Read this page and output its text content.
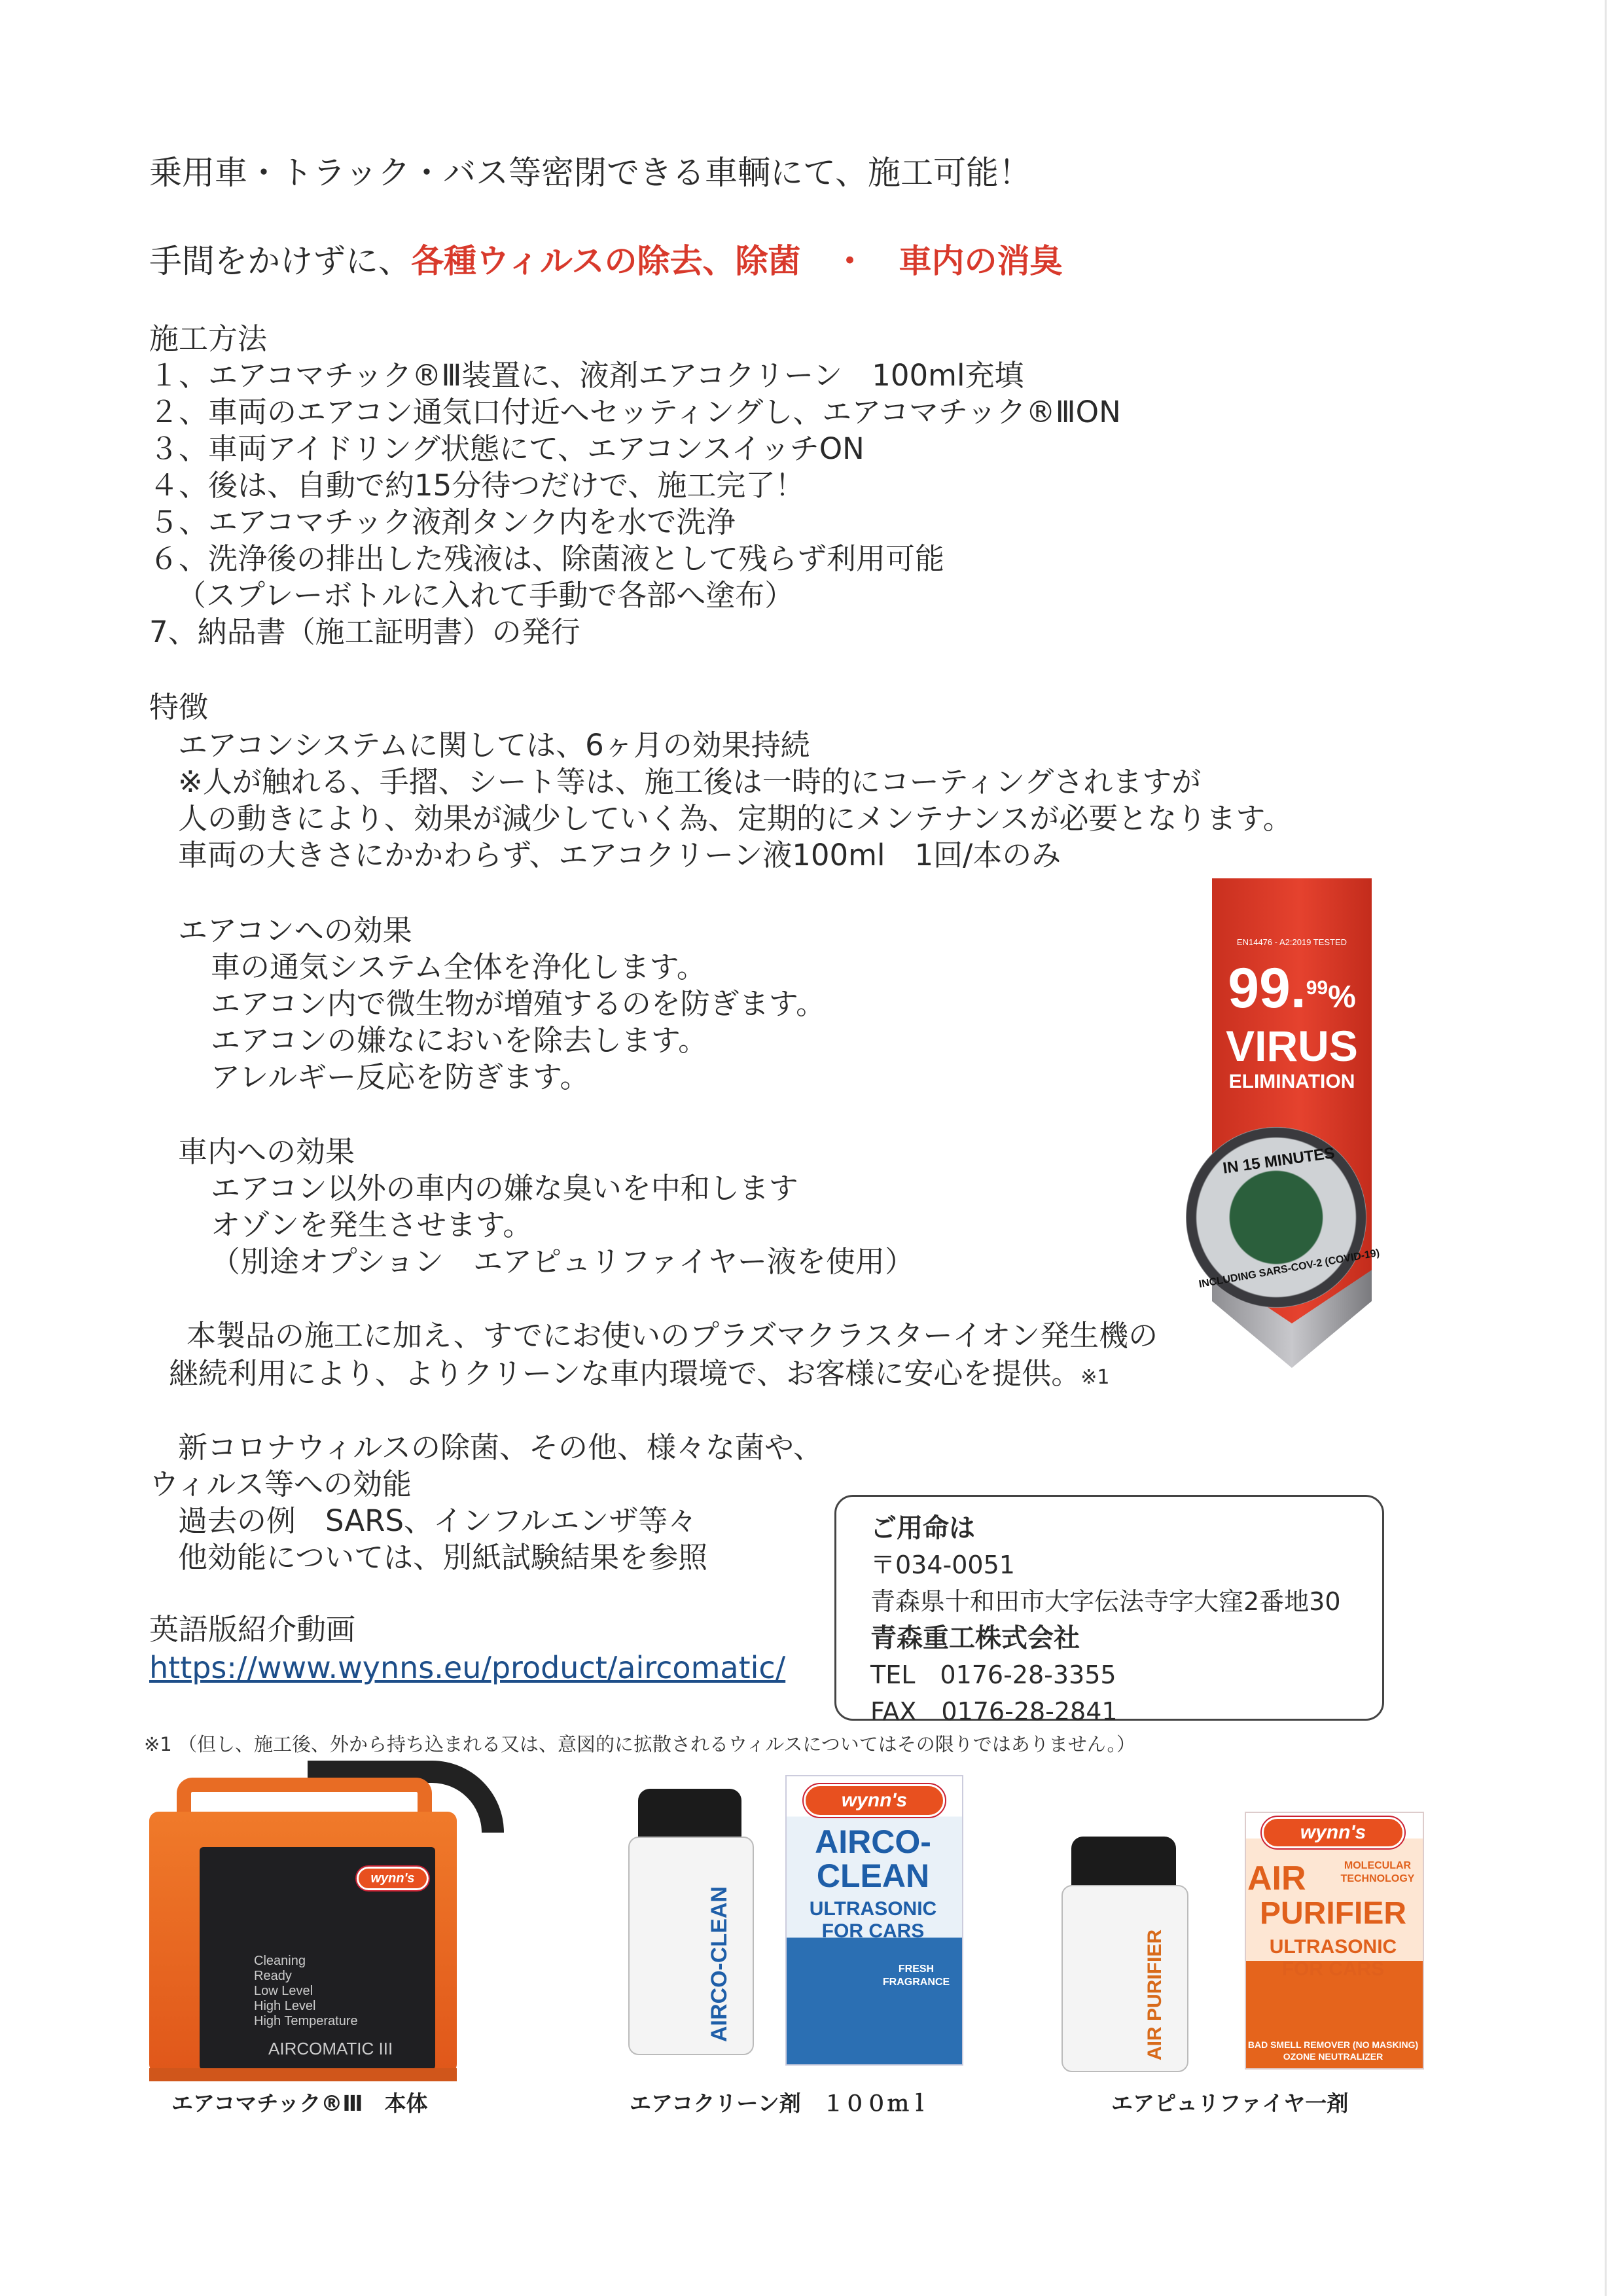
乗用車・トラック・バス等密閉できる車輌にて、施工可能！
手間をかけずに、各種ウィルスの除去、除菌　・　車内の消臭
施工方法
１、エアコマチック®Ⅲ装置に、液剤エアコクリーン　100ml充填
２、車両のエアコン通気口付近へセッティングし、エアコマチック®ⅢON
３、車両アイドリング状態にて、エアコンスイッチON
４、後は、自動で約15分待つだけで、施工完了！
５、エアコマチック液剤タンク内を水で洗浄
６、洗浄後の排出した残液は、除菌液として残らず利用可能
（スプレーボトルに入れて手動で各部へ塗布）
7、納品書（施工証明書）の発行
特徴
エアコンシステムに関しては、6ヶ月の効果持続
※人が触れる、手摺、シート等は、施工後は一時的にコーティングされますが
人の動きにより、効果が減少していく為、定期的にメンテナンスが必要となります。
車両の大きさにかかわらず、エアコクリーン液100ml　1回/本のみ
エアコンへの効果
車の通気システム全体を浄化します。
エアコン内で微生物が増殖するのを防ぎます。
エアコンの嫌なにおいを除去します。
アレルギー反応を防ぎます。
車内への効果
エアコン以外の車内の嫌な臭いを中和します
オゾンを発生させます。
（別途オプション　エアピュリファイヤー液を使用）
本製品の施工に加え、すでにお使いのプラズマクラスターイオン発生機の
継続利用により、よりクリーンな車内環境で、お客様に安心を提供。※1
新コロナウィルスの除菌、その他、様々な菌や、
ウィルス等への効能
過去の例　SARS、インフルエンザ等々
他効能については、別紙試験結果を参照
英語版紹介動画
https://www.wynns.eu/product/aircomatic/
ご用命は
〒034-0051
青森県十和田市大字伝法寺字大窪2番地30
青森重工株式会社
TEL　0176-28-3355
FAX　0176-28-2841
※1 （但し、施工後、外から持ち込まれる又は、意図的に拡散されるウィルスについてはその限りではありません。）
EN14476 - A2:2019 TESTED
99.99%
VIRUS
ELIMINATION
IN 15 MINUTES
INCLUDING SARS-COV-2 (COVID-19)
wynn's
Cleaning
Ready
Low Level
High Level
High Temperature
AIRCOMATIC III
エアコマチック®Ⅲ　本体
AIRCO-CLEAN
wynn's
AIRCO-
CLEAN
ULTRASONIC
FOR CARS
FRESH
FRAGRANCE
エアコクリーン剤　１００ｍｌ
AIR PURIFIER
wynn's
AIR	MOLECULAR
TECHNOLOGY
PURIFIER
ULTRASONIC
FOR CARS
BAD SMELL REMOVER (NO MASKING)
OZONE NEUTRALIZER
エアピュリファイヤ一剤
